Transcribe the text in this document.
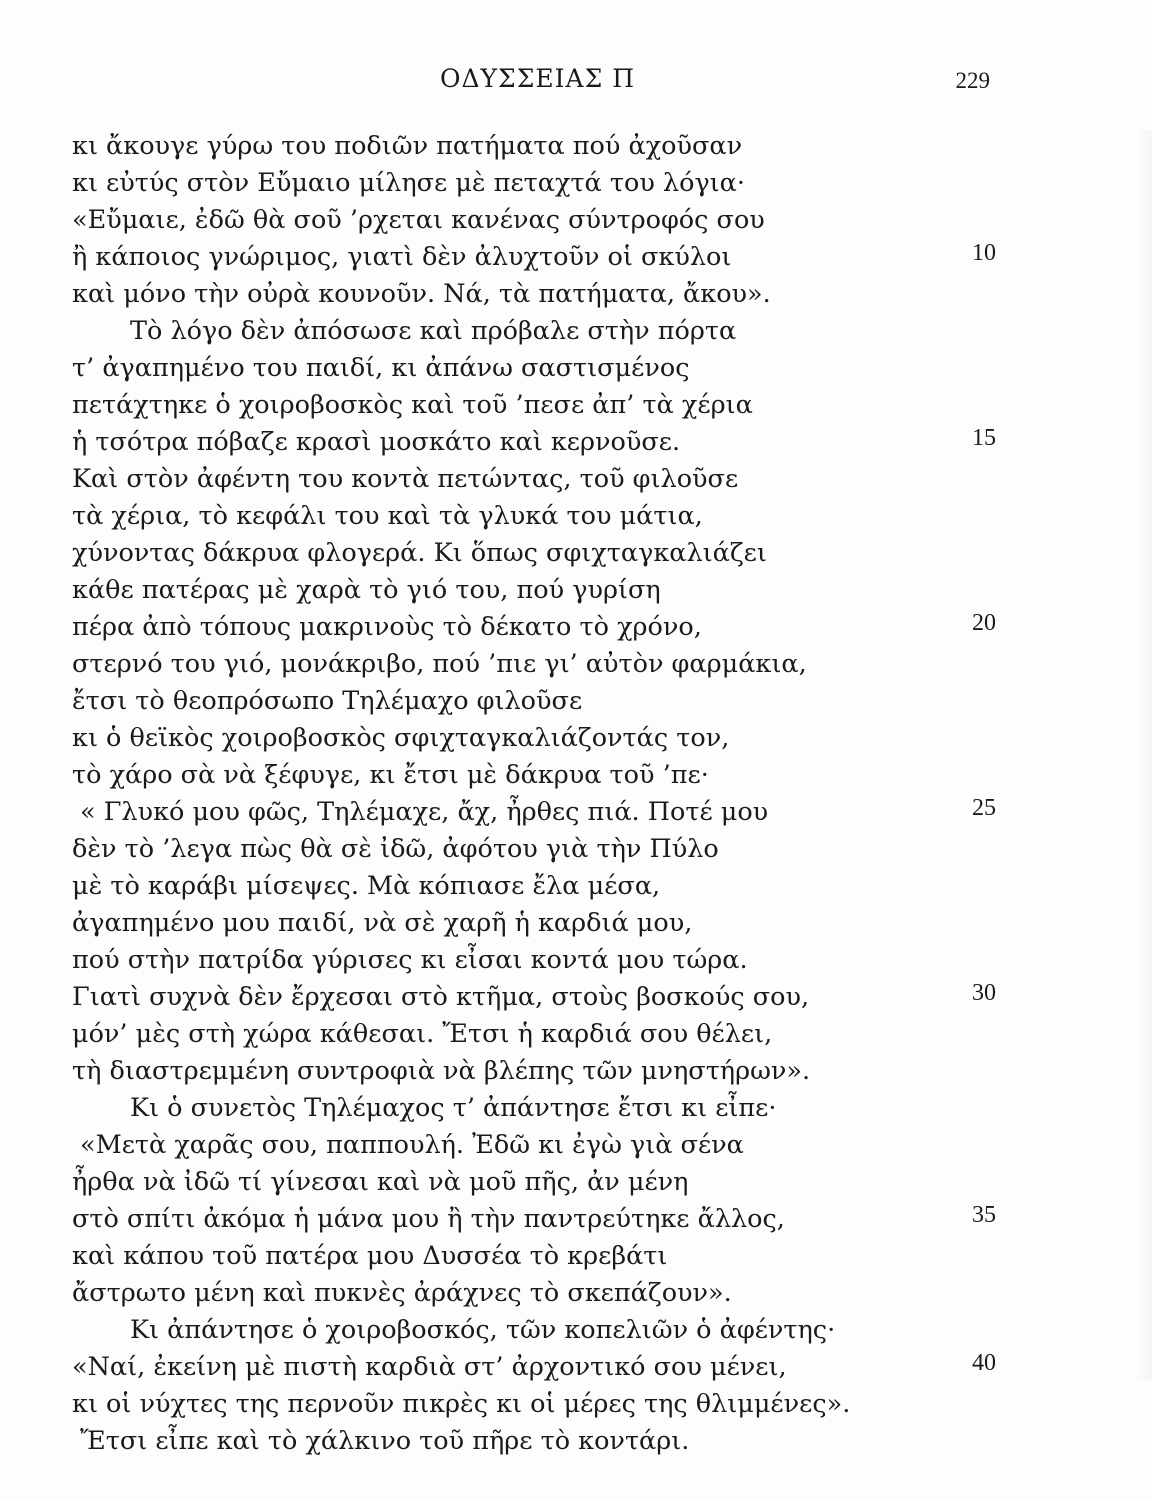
ΟΔΥΣΣΕΙΑΣ Π	229
κι ἄκουγε γύρω του ποδιῶν πατήματα πού ἀχοῦσαν
κι εὐτύς στὸν Εὔμαιο μίλησε μὲ πεταχτά του λόγια·
«Εὔμαιε, ἐδῶ θὰ σοῦ ’ρχεται κανένας σύντροφός σου
ἢ κάποιος γνώριμος, γιατὶ δὲν ἀλυχτοῦν οἱ σκύλοι	10
καὶ μόνο τὴν οὐρὰ κουνοῦν. Νά, τὰ πατήματα, ἄκου».
Τὸ λόγο δὲν ἀπόσωσε καὶ πρόβαλε στὴν πόρτα
τ’ ἀγαπημένο του παιδί, κι ἀπάνω σαστισμένος
πετάχτηκε ὁ χοιροβοσκὸς καὶ τοῦ ’πεσε ἀπ’ τὰ χέρια
ἡ τσότρα πόβαζε κρασὶ μοσκάτο καὶ κερνοῦσε.	15
Καὶ στὸν ἀφέντη του κοντὰ πετώντας, τοῦ φιλοῦσε
τὰ χέρια, τὸ κεφάλι του καὶ τὰ γλυκά του μάτια,
χύνοντας δάκρυα φλογερά. Κι ὅπως σφιχταγκαλιάζει
κάθε πατέρας μὲ χαρὰ τὸ γιό του, πού γυρίση
πέρα ἀπὸ τόπους μακρινοὺς τὸ δέκατο τὸ χρόνο,	20
στερνό του γιό, μονάκριβο, πού ’πιε γι’ αὐτὸν φαρμάκια,
ἔτσι τὸ θεοπρόσωπο Τηλέμαχο φιλοῦσε
κι ὁ θεϊκὸς χοιροβοσκὸς σφιχταγκαλιάζοντάς τον,
τὸ χάρο σὰ νὰ ξέφυγε, κι ἔτσι μὲ δάκρυα τοῦ ’πε·
« Γλυκό μου φῶς, Τηλέμαχε, ἄχ, ἦρθες πιά. Ποτέ μου	25
δὲν τὸ ’λεγα πὼς θὰ σὲ ἰδῶ, ἀφότου γιὰ τὴν Πύλο
μὲ τὸ καράβι μίσεψες. Μὰ κόπιασε ἔλα μέσα,
ἀγαπημένο μου παιδί, νὰ σὲ χαρῆ ἡ καρδιά μου,
πού στὴν πατρίδα γύρισες κι εἶσαι κοντά μου τώρα.
Γιατὶ συχνὰ δὲν ἔρχεσαι στὸ κτῆμα, στοὺς βοσκούς σου,	30
μόν’ μὲς στὴ χώρα κάθεσαι. Ἔτσι ἡ καρδιά σου θέλει,
τὴ διαστρεμμένη συντροφιὰ νὰ βλέπης τῶν μνηστήρων».
Κι ὁ συνετὸς Τηλέμαχος τ’ ἀπάντησε ἔτσι κι εἶπε·
«Μετὰ χαρᾶς σου, παππουλή. Ἐδῶ κι ἐγὼ γιὰ σένα
ἦρθα νὰ ἰδῶ τί γίνεσαι καὶ νὰ μοῦ πῆς, ἀν μένη
στὸ σπίτι ἀκόμα ἡ μάνα μου ἢ τὴν παντρεύτηκε ἄλλος,	35
καὶ κάπου τοῦ πατέρα μου Δυσσέα τὸ κρεβάτι
ἄστρωτο μένη καὶ πυκνὲς ἀράχνες τὸ σκεπάζουν».
Κι ἀπάντησε ὁ χοιροβοσκός, τῶν κοπελιῶν ὁ ἀφέντης·
«Ναί, ἐκείνη μὲ πιστὴ καρδιὰ στ’ ἀρχοντικό σου μένει,	40
κι οἱ νύχτες της περνοῦν πικρὲς κι οἱ μέρες της θλιμμένες».
Ἔτσι εἶπε καὶ τὸ χάλκινο τοῦ πῆρε τὸ κοντάρι.
